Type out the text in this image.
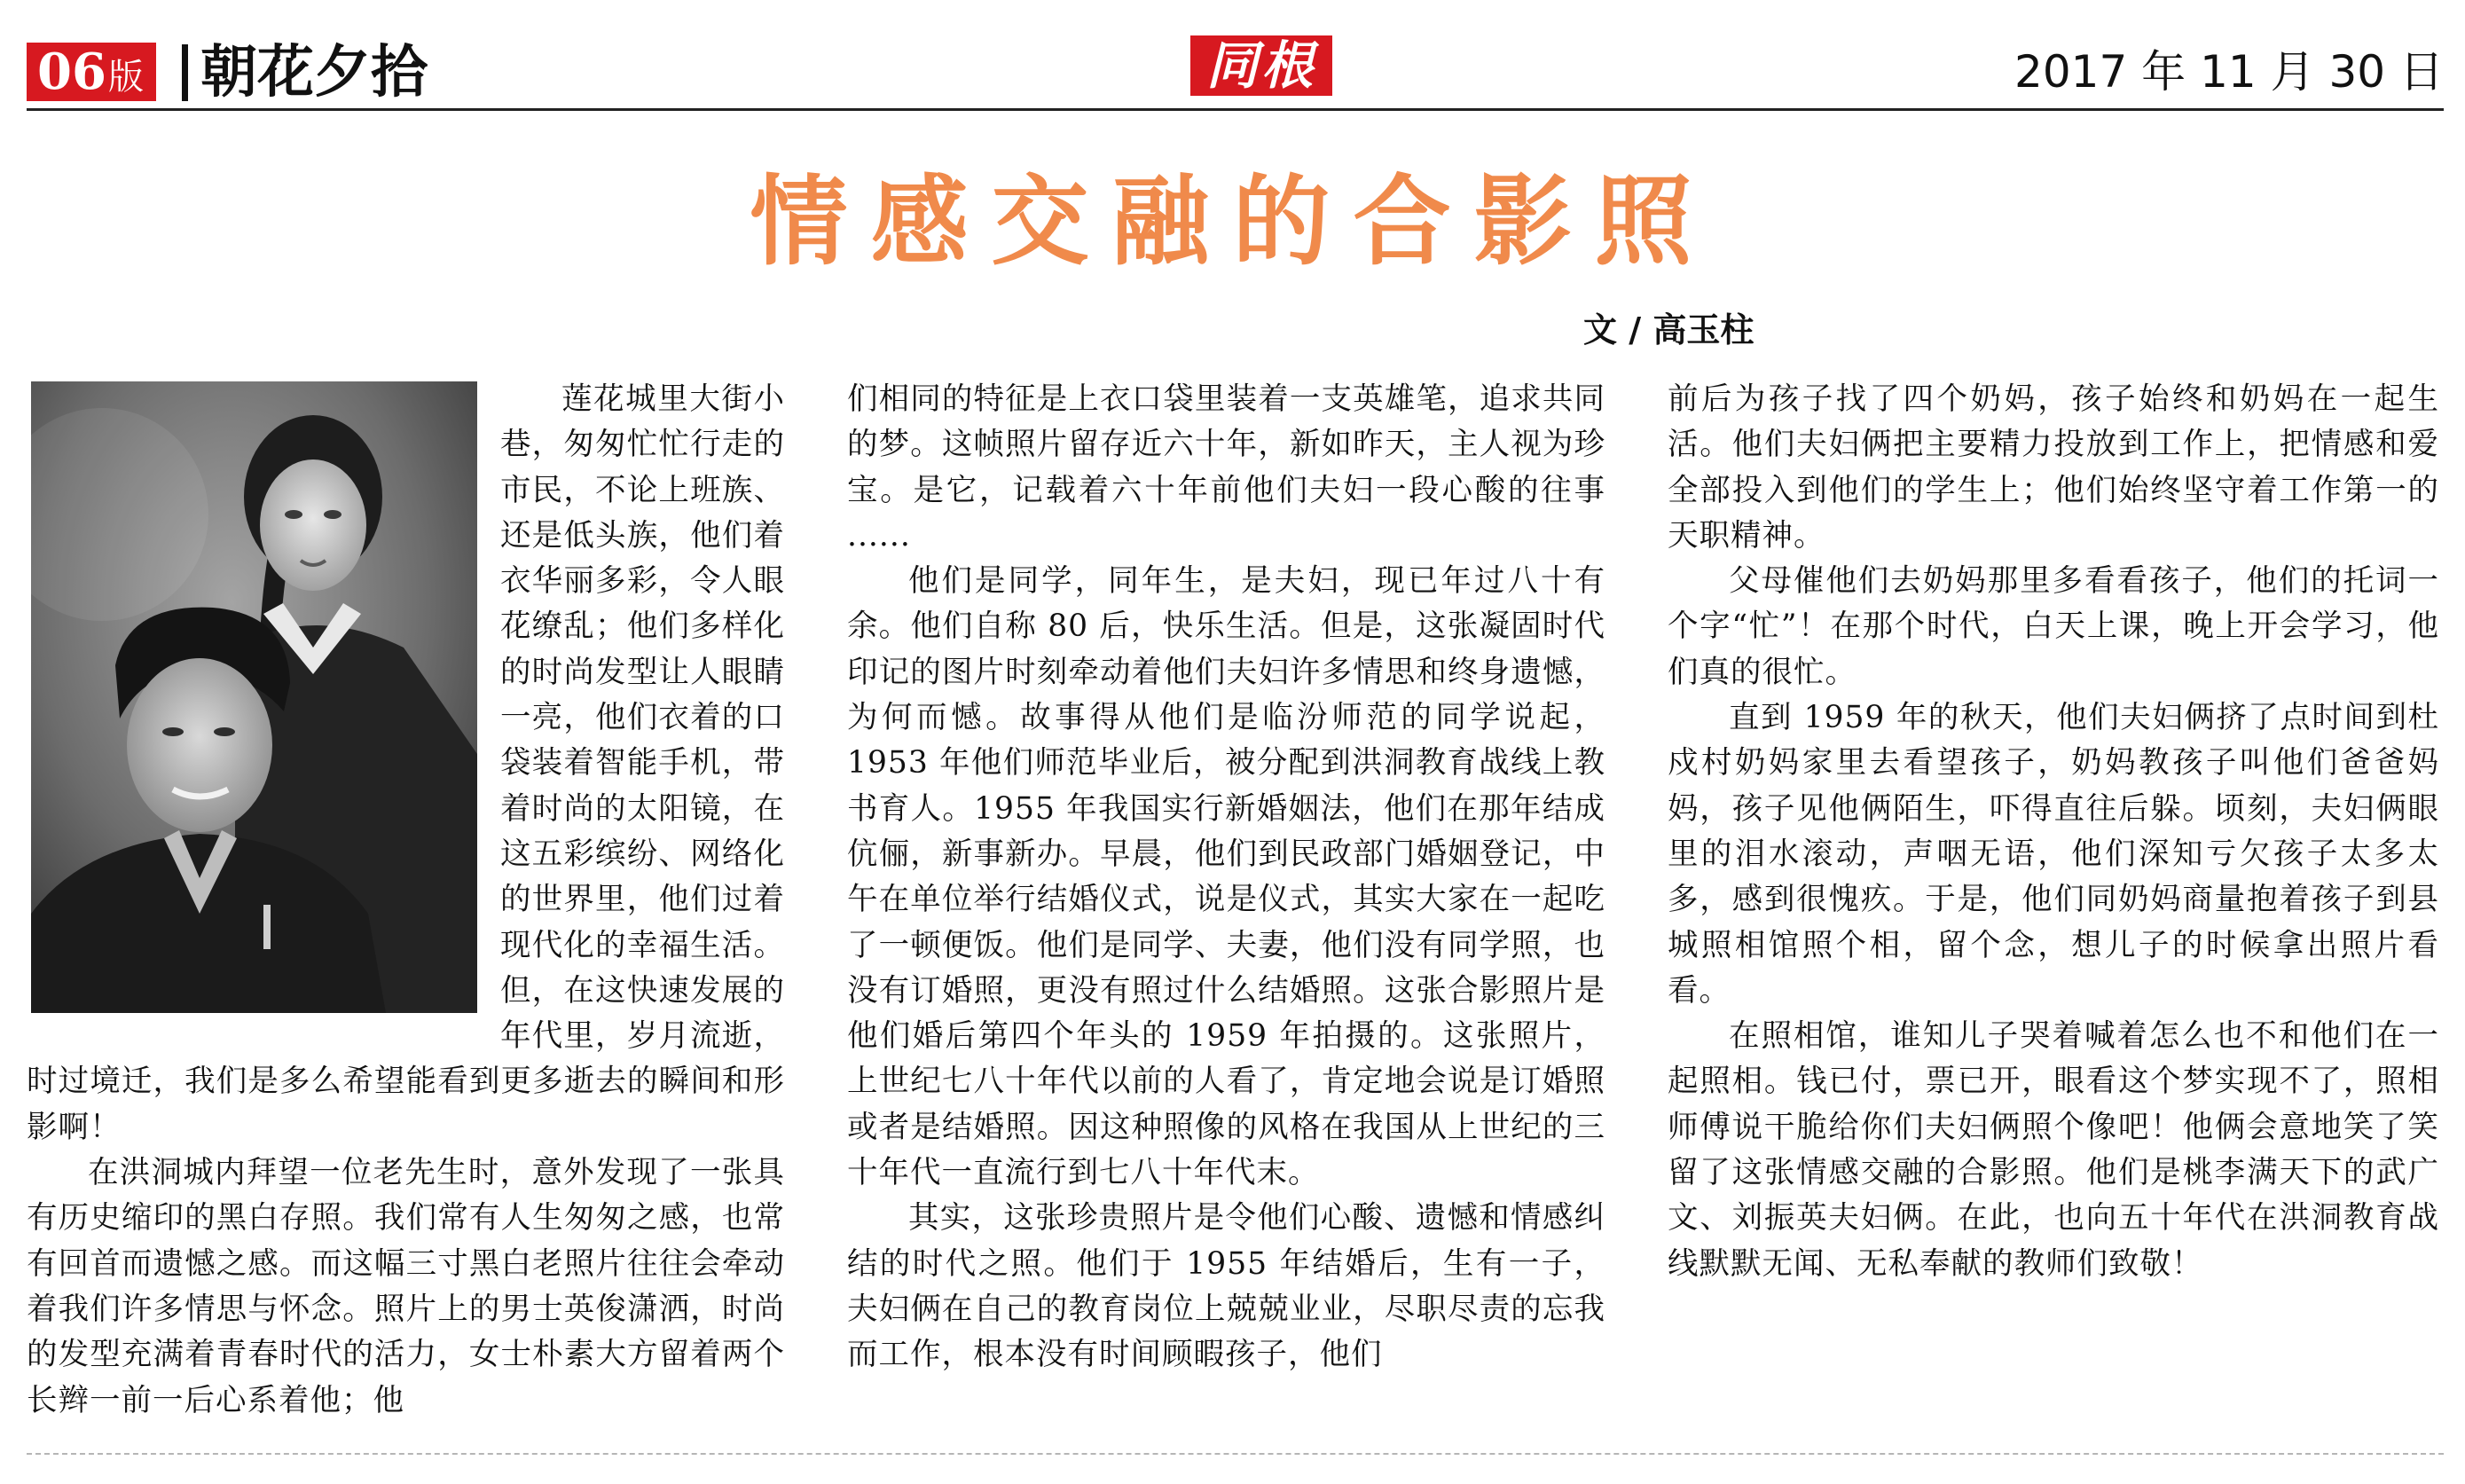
06版 朝花夕拾	同根	2017 年 11 月 30 日
情感交融的合影照
文 / 高玉柱

莲花城里大街小巷，匆匆忙忙行走的市民，不论上班族、还是低头族，他们着衣华丽多彩，令人眼花缭乱；他们多样化的时尚发型让人眼睛一亮，他们衣着的口袋装着智能手机，带着时尚的太阳镜，在这五彩缤纷、网络化的世界里，他们过着现代化的幸福生活。但，在这快速发展的年代里，岁月流逝，时过境迁，我们是多么希望能看到更多逝去的瞬间和形影啊！

在洪洞城内拜望一位老先生时，意外发现了一张具有历史缩印的黑白存照。我们常有人生匆匆之感，也常有回首而遗憾之感。而这幅三寸黑白老照片往往会牵动着我们许多情思与怀念。照片上的男士英俊潇洒，时尚的发型充满着青春时代的活力，女士朴素大方留着两个长辫一前一后心系着他；他

们相同的特征是上衣口袋里装着一支英雄笔，追求共同的梦。这帧照片留存近六十年，新如昨天，主人视为珍宝。是它，记载着六十年前他们夫妇一段心酸的往事 ......

他们是同学，同年生，是夫妇，现已年过八十有余。他们自称 80 后，快乐生活。但是，这张凝固时代印记的图片时刻牵动着他们夫妇许多情思和终身遗憾，为何而憾。故事得从他们是临汾师范的同学说起，1953 年他们师范毕业后，被分配到洪洞教育战线上教书育人。1955 年我国实行新婚姻法，他们在那年结成伉俪，新事新办。早晨，他们到民政部门婚姻登记，中午在单位举行结婚仪式，说是仪式，其实大家在一起吃了一顿便饭。他们是同学、夫妻，他们没有同学照，也没有订婚照，更没有照过什么结婚照。这张合影照片是他们婚后第四个年头的 1959 年拍摄的。这张照片，上世纪七八十年代以前的人看了，肯定地会说是订婚照或者是结婚照。因这种照像的风格在我国从上世纪的三十年代一直流行到七八十年代末。

其实，这张珍贵照片是令他们心酸、遗憾和情感纠结的时代之照。他们于 1955 年结婚后，生有一子，夫妇俩在自己的教育岗位上兢兢业业，尽职尽责的忘我而工作，根本没有时间顾暇孩子，他们

前后为孩子找了四个奶妈，孩子始终和奶妈在一起生活。他们夫妇俩把主要精力投放到工作上，把情感和爱全部投入到他们的学生上；他们始终坚守着工作第一的天职精神。

父母催他们去奶妈那里多看看孩子，他们的托词一个字“忙”！在那个时代，白天上课，晚上开会学习，他们真的很忙。

直到 1959 年的秋天，他们夫妇俩挤了点时间到杜戍村奶妈家里去看望孩子，奶妈教孩子叫他们爸爸妈妈，孩子见他俩陌生，吓得直往后躲。顷刻，夫妇俩眼里的泪水滚动，声咽无语，他们深知亏欠孩子太多太多，感到很愧疚。于是，他们同奶妈商量抱着孩子到县城照相馆照个相，留个念，想儿子的时候拿出照片看看。

在照相馆，谁知儿子哭着喊着怎么也不和他们在一起照相。钱已付，票已开，眼看这个梦实现不了，照相师傅说干脆给你们夫妇俩照个像吧！他俩会意地笑了笑留了这张情感交融的合影照。他们是桃李满天下的武广文、刘振英夫妇俩。在此，也向五十年代在洪洞教育战线默默无闻、无私奉献的教师们致敬！
